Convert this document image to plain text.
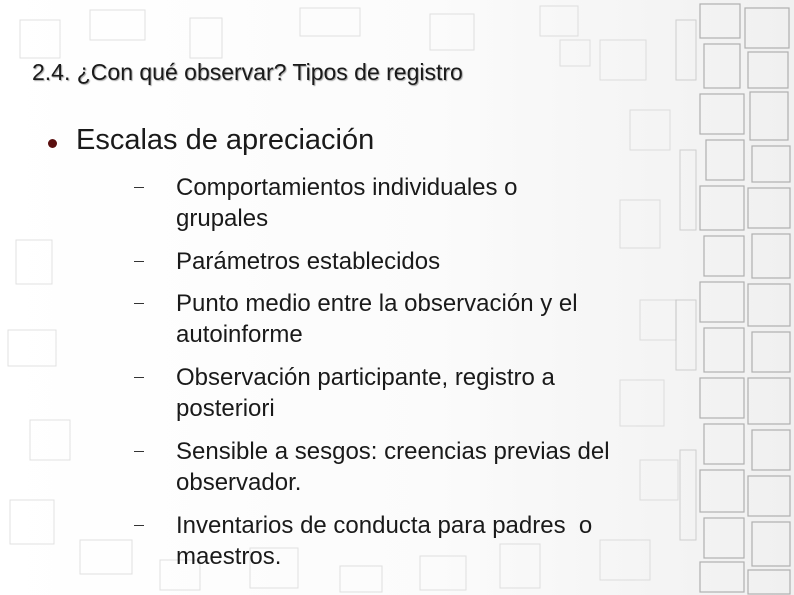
2.4. ¿Con qué observar? Tipos de registro
Escalas de apreciación
Comportamientos individuales o grupales
Parámetros establecidos
Punto medio entre la observación y el autoinforme
Observación participante, registro a posteriori
Sensible a sesgos: creencias previas del observador.
Inventarios de conducta para padres  o maestros.
